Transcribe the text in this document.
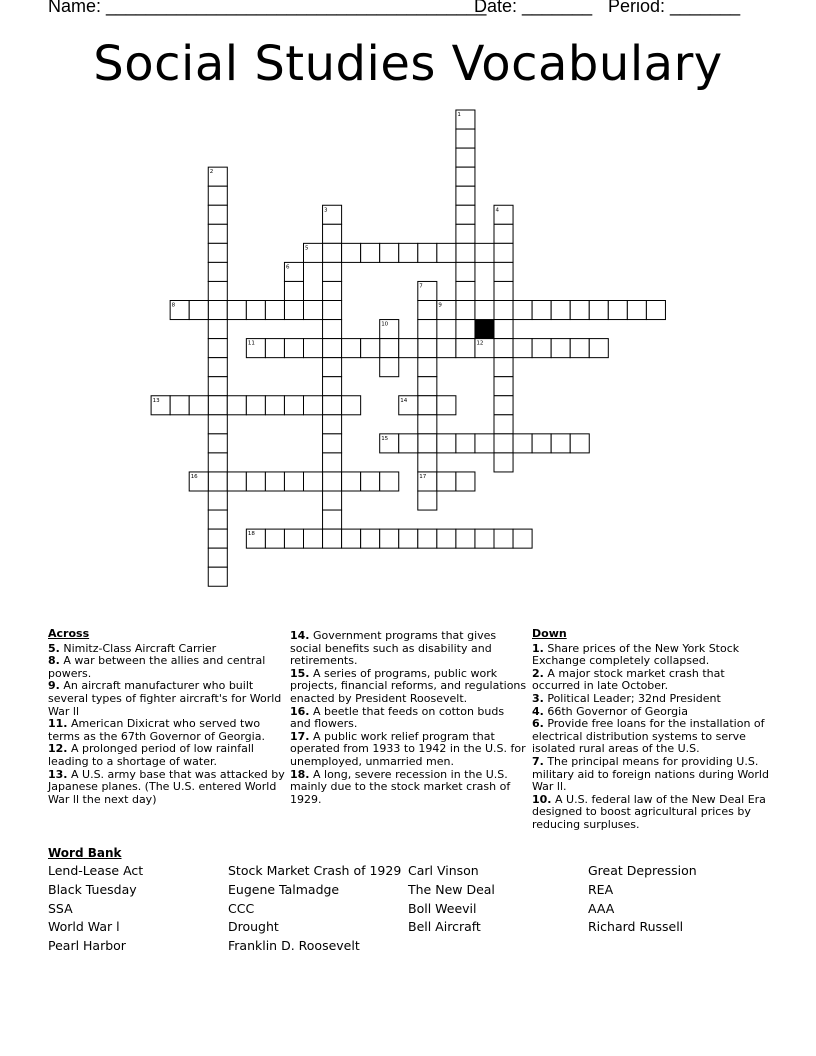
Name: ______________________________________
Date: _______ Period: _______
Social Studies Vocabulary
1
2
3	4
5
6
7
8	9
10
11	12
13	14
15
16	17
18
Across
5. Nimitz-Class Aircraft Carrier
8. A war between the allies and central powers.
9. An aircraft manufacturer who built several types of fighter aircraft's for World War ll
11. American Dixicrat who served two terms as the 67th Governor of Georgia.
12. A prolonged period of low rainfall leading to a shortage of water.
13. A U.S. army base that was attacked by Japanese planes. (The U.S. entered World War ll the next day)
14. Government programs that gives social benefits such as disability and retirements.
15. A series of programs, public work projects, financial reforms, and regulations enacted by President Roosevelt.
16. A beetle that feeds on cotton buds and flowers.
17. A public work relief program that operated from 1933 to 1942 in the U.S. for unemployed, unmarried men.
18. A long, severe recession in the U.S. mainly due to the stock market crash of 1929.
Down
1. Share prices of the New York Stock Exchange completely collapsed.
2. A major stock market crash that occurred in late October.
3. Political Leader; 32nd President
4. 66th Governor of Georgia
6. Provide free loans for the installation of electrical distribution systems to serve isolated rural areas of the U.S.
7. The principal means for providing U.S. military aid to foreign nations during World War ll.
10. A U.S. federal law of the New Deal Era designed to boost agricultural prices by reducing surpluses.
Word Bank
Lend-Lease Act
Black Tuesday
SSA
World War l
Pearl Harbor
Stock Market Crash of 1929
Eugene Talmadge
CCC
Drought
Franklin D. Roosevelt
Carl Vinson
The New Deal
Boll Weevil
Bell Aircraft
Great Depression
REA
AAA
Richard Russell
